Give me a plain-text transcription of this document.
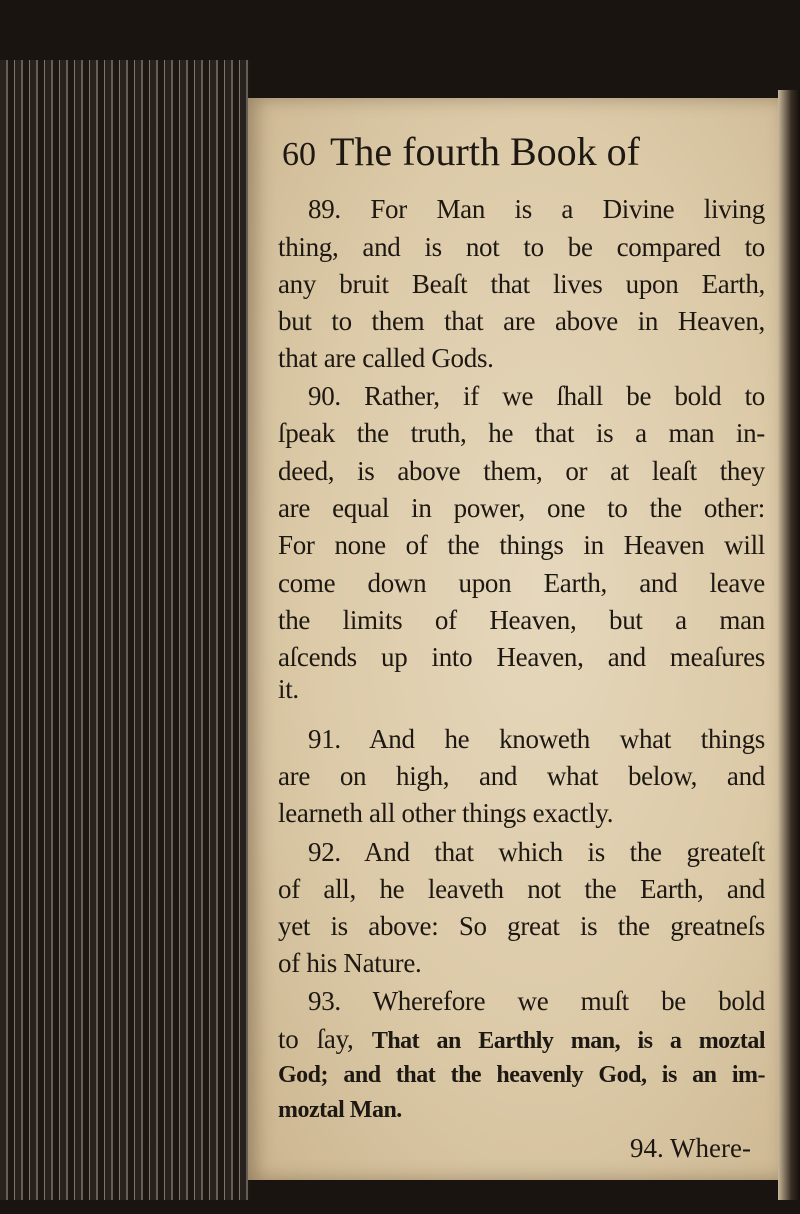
60 The fourth Book of
89. For Man is a Divine living
thing, and is not to be compared to
any bruit Beaſt that lives upon Earth,
but to them that are above in Heaven,
that are called Gods.
90. Rather, if we ſhall be bold to
ſpeak the truth, he that is a man in-
deed, is above them, or at leaſt they
are equal in power, one to the other:
For none of the things in Heaven will
come down upon Earth, and leave
the limits of Heaven, but a man
aſcends up into Heaven, and meaſures
it.
91. And he knoweth what things
are on high, and what below, and
learneth all other things exactly.
92. And that which is the greateſt
of all, he leaveth not the Earth, and
yet is above: So great is the greatneſs
of his Nature.
93. Wherefore we muſt be bold
to ſay, That an Earthly man, is a moztal
God; and that the heavenly God, is an im-
moztal Man.
94. Where-
